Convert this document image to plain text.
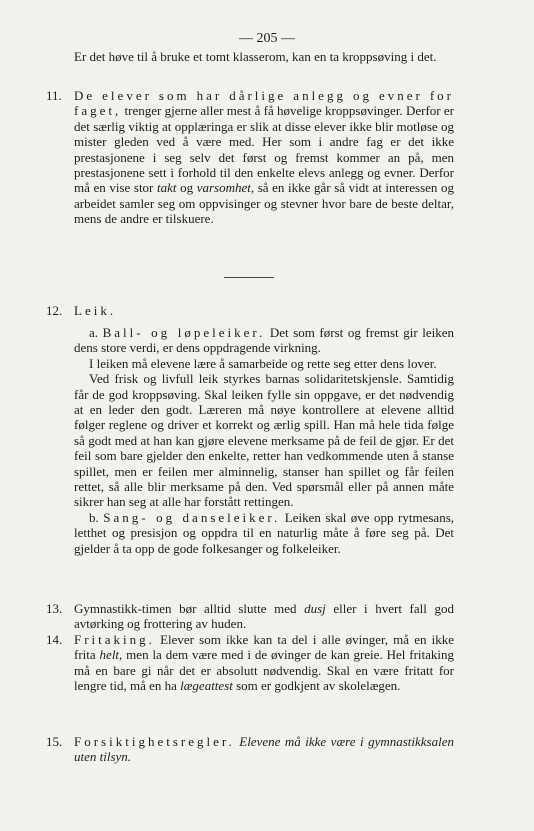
— 205 —

Er det høve til å bruke et tomt klasserom, kan en ta kroppsøving i det.

11. De elever som har dårlige anlegg og evner for faget, trenger gjerne aller mest å få høvelige kroppsøvinger. Derfor er det særlig viktig at opplæringa er slik at disse elever ikke blir motløse og mister gleden ved å være med. Her som i andre fag er det ikke prestasjonene i seg selv det først og fremst kommer an på, men prestasjonene sett i forhold til den enkelte elevs anlegg og evner. Derfor må en vise stor takt og varsomhet, så en ikke går så vidt at interessen og arbeidet samler seg om oppvisinger og stevner hvor bare de beste deltar, mens de andre er tilskuere.

12. Leik.

a. Ball- og løpeleiker. Det som først og fremst gir leiken dens store verdi, er dens oppdragende virkning.

I leiken må elevene lære å samarbeide og rette seg etter dens lover.

Ved frisk og livfull leik styrkes barnas solidaritetskjensle. Samtidig får de god kroppsøving. Skal leiken fylle sin oppgave, er det nødvendig at en leder den godt. Læreren må nøye kontrollere at elevene alltid følger reglene og driver et korrekt og ærlig spill. Han må hele tida følge så godt med at han kan gjøre elevene merksame på de feil de gjør. Er det feil som bare gjelder den enkelte, retter han vedkommende uten å stanse spillet, men er feilen mer alminnelig, stanser han spillet og får feilen rettet, så alle blir merksame på den. Ved spørsmål eller på annen måte sikrer han seg at alle har forstått rettingen.

b. Sang- og danseleiker. Leiken skal øve opp rytmesans, letthet og presisjon og oppdra til en naturlig måte å føre seg på. Det gjelder å ta opp de gode folkesanger og folkeleiker.

13. Gymnastikk-timen bør alltid slutte med dusj eller i hvert fall god avtørking og frottering av huden.

14. Fritaking. Elever som ikke kan ta del i alle øvinger, må en ikke frita helt, men la dem være med i de øvinger de kan greie. Hel fritaking må en bare gi når det er absolutt nødvendig. Skal en være fritatt for lengre tid, må en ha lægeattest som er godkjent av skolelægen.

15. Forsiktighetsregler. Elevene må ikke være i gymnastikksalen uten tilsyn.
